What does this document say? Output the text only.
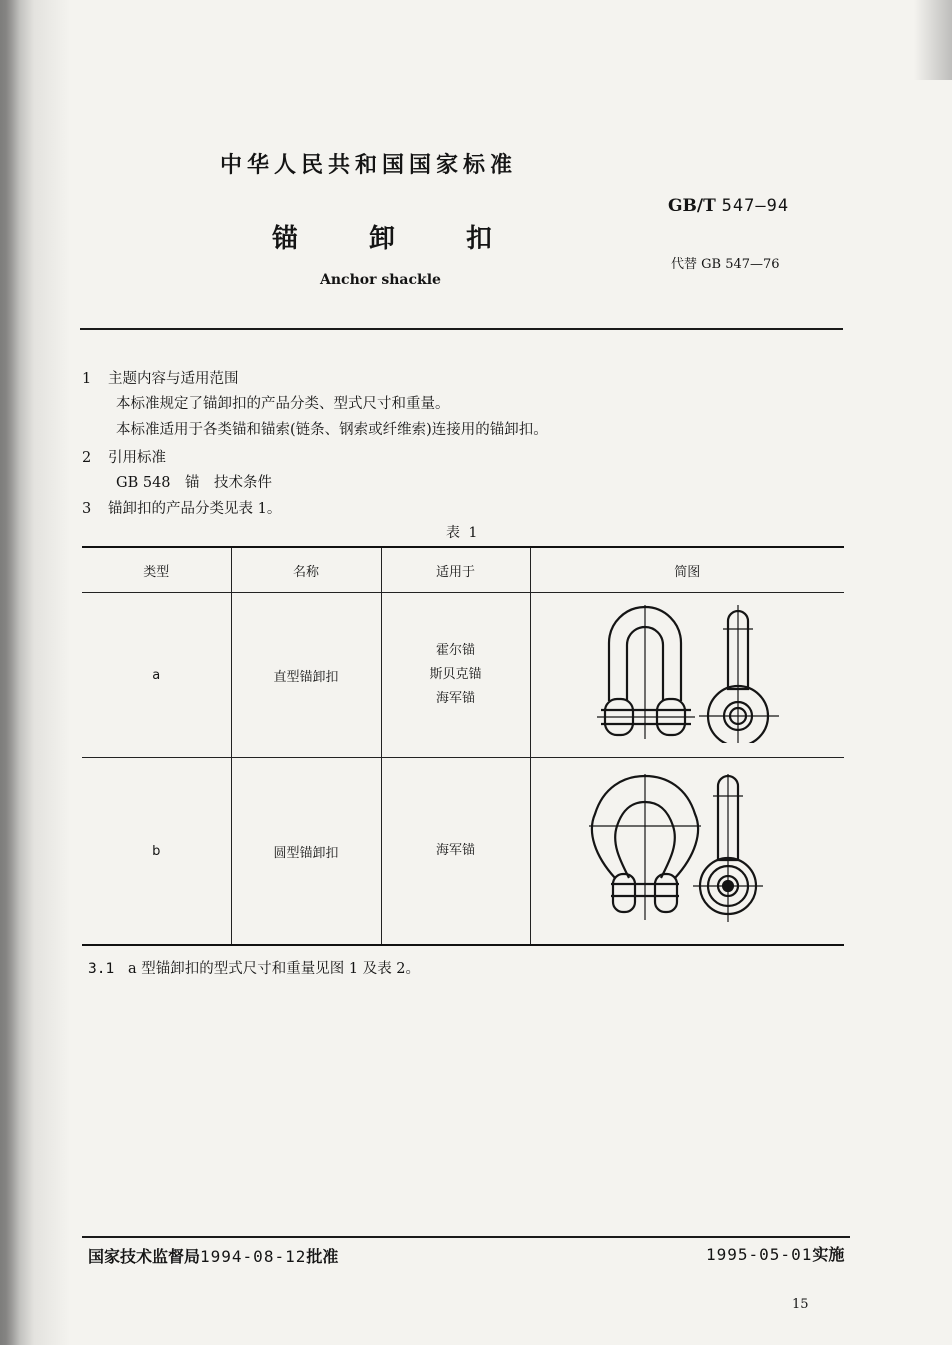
中华人民共和国国家标准
GB/T 547—94
锚	卸	扣
代替 GB 547—76
Anchor shackle
1 主题内容与适用范围
本标准规定了锚卸扣的产品分类、型式尺寸和重量。
本标准适用于各类锚和锚索(链条、钢索或纤维索)连接用的锚卸扣。
2 引用标准
GB 548　锚　技术条件
3 锚卸扣的产品分类见表 1。
表 1
类型	名称	适用于	简图
a	直型锚卸扣	霍尔锚
斯贝克锚
海军锚

b	圆型锚卸扣	海军锚

3.1 a 型锚卸扣的型式尺寸和重量见图 1 及表 2。
国家技术监督局1994-08-12批准	1995-05-01实施
15
